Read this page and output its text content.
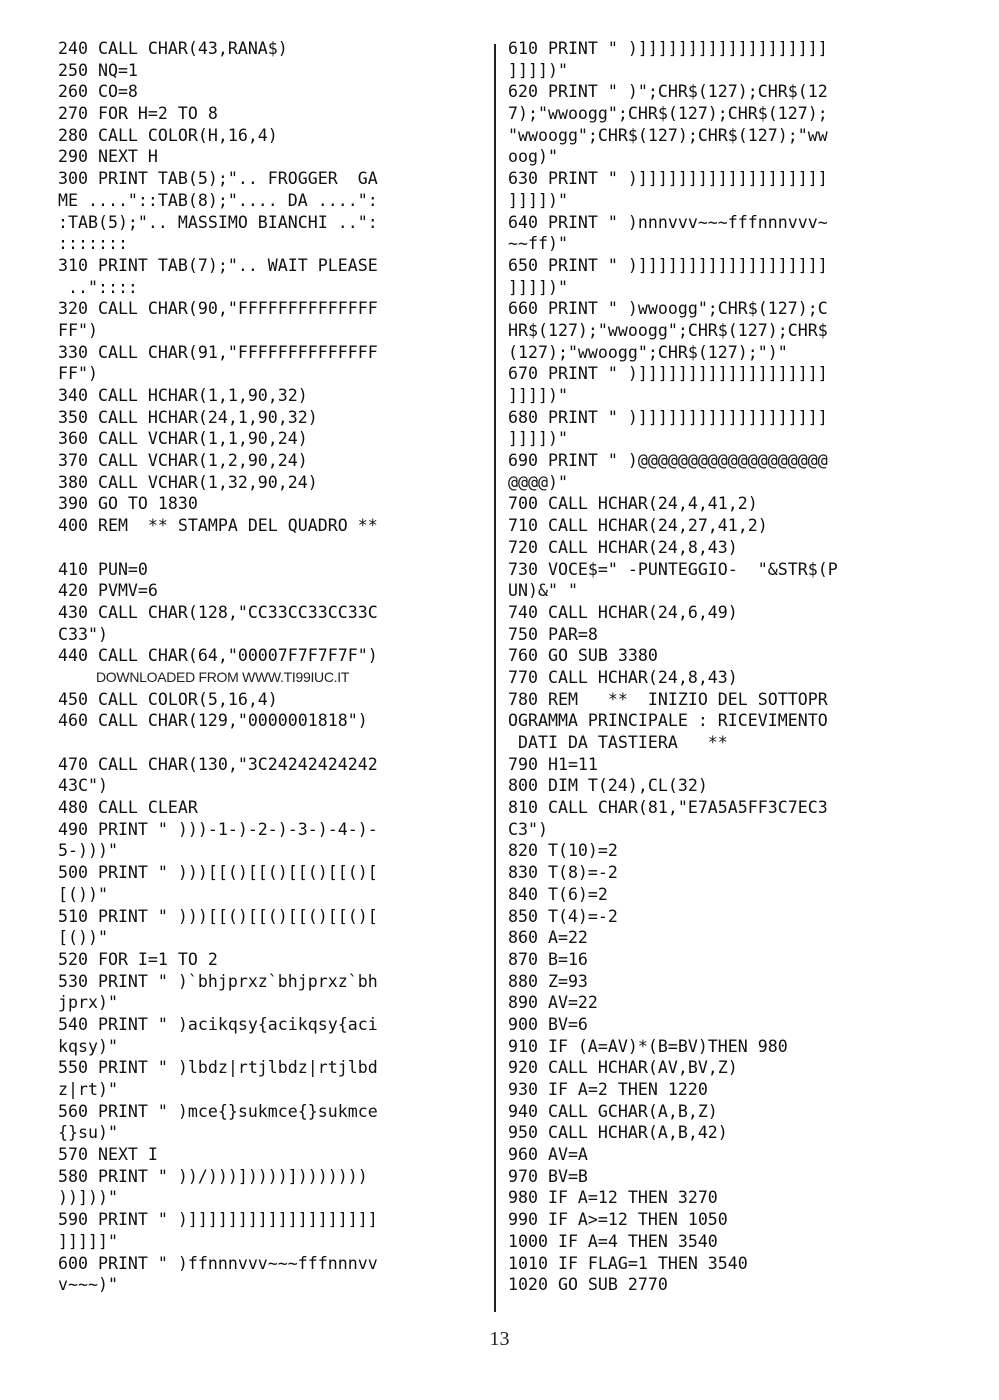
240 CALL CHAR(43,RANA$)
250 NQ=1
260 CO=8
270 FOR H=2 TO 8
280 CALL COLOR(H,16,4)
290 NEXT H
300 PRINT TAB(5);".. FROGGER  GA
ME ...."::TAB(8);".... DA ....":
:TAB(5);".. MASSIMO BIANCHI ..":
:::::::
310 PRINT TAB(7);".. WAIT PLEASE
.."::::
320 CALL CHAR(90,"FFFFFFFFFFFFFF
FF")
330 CALL CHAR(91,"FFFFFFFFFFFFFF
FF")
340 CALL HCHAR(1,1,90,32)
350 CALL HCHAR(24,1,90,32)
360 CALL VCHAR(1,1,90,24)
370 CALL VCHAR(1,2,90,24)
380 CALL VCHAR(1,32,90,24)
390 GO TO 1830
400 REM  ** STAMPA DEL QUADRO **
410 PUN=0
420 PVMV=6
430 CALL CHAR(128,"CC33CC33CC33C
C33")
440 CALL CHAR(64,"00007F7F7F7F")
DOWNLOADED FROM WWW.TI99IUC.IT
450 CALL COLOR(5,16,4)
460 CALL CHAR(129,"0000001818")
470 CALL CHAR(130,"3C24242424242
43C")
480 CALL CLEAR
490 PRINT " )))-1-)-2-)-3-)-4-)-
5-)))"
500 PRINT " )))[[()[[()[[()[[()[
[())"
510 PRINT " )))[[()[[()[[()[[()[
[())"
520 FOR I=1 TO 2
530 PRINT " )`bhjprxz`bhjprxz`bh
jprx)"
540 PRINT " )acikqsy{acikqsy{aci
kqsy)"
550 PRINT " )lbdz|rtjlbdz|rtjlbd
z|rt)"
560 PRINT " )mce{}sukmce{}sukmce
{}su)"
570 NEXT I
580 PRINT " ))/)))]))))])))))))
))]))"
590 PRINT " )]]]]]]]]]]]]]]]]]]]
]]]]]"
600 PRINT " )ffnnnvvv~~~fffnnnvv
v~~~)"
610 PRINT " )]]]]]]]]]]]]]]]]]]]
]]]])"
620 PRINT " )";CHR$(127);CHR$(12
7);"wwoogg";CHR$(127);CHR$(127);
"wwoogg";CHR$(127);CHR$(127);"ww
oog)"
630 PRINT " )]]]]]]]]]]]]]]]]]]]
]]]])"
640 PRINT " )nnnvvv~~~fffnnnvvv~
~~ff)"
650 PRINT " )]]]]]]]]]]]]]]]]]]]
]]]])"
660 PRINT " )wwoogg";CHR$(127);C
HR$(127);"wwoogg";CHR$(127);CHR$
(127);"wwoogg";CHR$(127);")"
670 PRINT " )]]]]]]]]]]]]]]]]]]]
]]]])"
680 PRINT " )]]]]]]]]]]]]]]]]]]]
]]]])"
690 PRINT " )@@@@@@@@@@@@@@@@@@@
@@@@)"
700 CALL HCHAR(24,4,41,2)
710 CALL HCHAR(24,27,41,2)
720 CALL HCHAR(24,8,43)
730 VOCE$=" -PUNTEGGIO-  "&STR$(P
UN)&" "
740 CALL HCHAR(24,6,49)
750 PAR=8
760 GO SUB 3380
770 CALL HCHAR(24,8,43)
780 REM   **  INIZIO DEL SOTTOPR
OGRAMMA PRINCIPALE : RICEVIMENTO
DATI DA TASTIERA   **
790 H1=11
800 DIM T(24),CL(32)
810 CALL CHAR(81,"E7A5A5FF3C7EC3
C3")
820 T(10)=2
830 T(8)=-2
840 T(6)=2
850 T(4)=-2
860 A=22
870 B=16
880 Z=93
890 AV=22
900 BV=6
910 IF (A=AV)*(B=BV)THEN 980
920 CALL HCHAR(AV,BV,Z)
930 IF A=2 THEN 1220
940 CALL GCHAR(A,B,Z)
950 CALL HCHAR(A,B,42)
960 AV=A
970 BV=B
980 IF A=12 THEN 3270
990 IF A>=12 THEN 1050
1000 IF A=4 THEN 3540
1010 IF FLAG=1 THEN 3540
1020 GO SUB 2770
13
